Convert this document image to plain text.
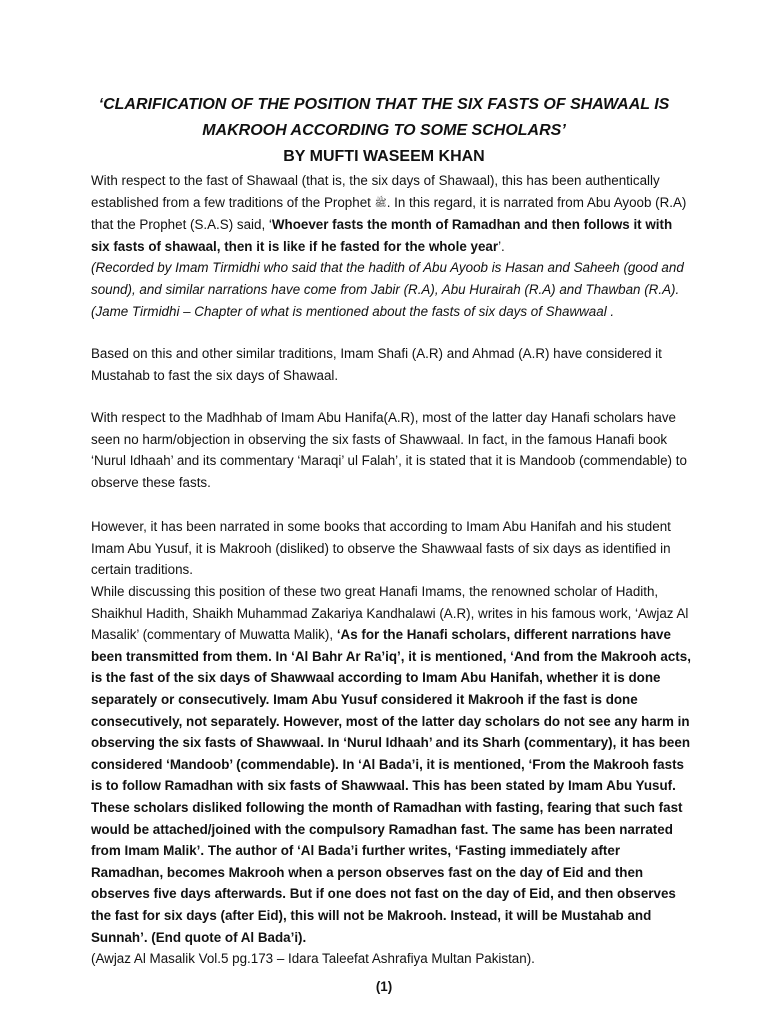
‘CLARIFICATION OF THE POSITION THAT THE SIX FASTS OF SHAWAAL IS
MAKROOH ACCORDING TO SOME SCHOLARS’
BY MUFTI WASEEM KHAN

With respect to the fast of Shawaal (that is, the six days of Shawaal), this has been authentically established from a few traditions of the Prophet ﷺ. In this regard, it is narrated from Abu Ayoob (R.A) that the Prophet (S.A.S) said, ‘Whoever fasts the month of Ramadhan and then follows it with six fasts of shawaal, then it is like if he fasted for the whole year’.

(Recorded by Imam Tirmidhi who said that the hadith of Abu Ayoob is Hasan and Saheeh (good and sound), and similar narrations have come from Jabir (R.A), Abu Hurairah (R.A) and Thawban (R.A). (Jame Tirmidhi – Chapter of what is mentioned about the fasts of six days of Shawwaal .

Based on this and other similar traditions, Imam Shafi (A.R) and Ahmad (A.R) have considered it Mustahab to fast the six days of Shawaal.

With respect to the Madhhab of Imam Abu Hanifa(A.R), most of the latter day Hanafi scholars have seen no harm/objection in observing the six fasts of Shawwaal. In fact, in the famous Hanafi book ‘Nurul Idhaah’ and its commentary ‘Maraqi’ ul Falah’, it is stated that it is Mandoob (commendable) to observe these fasts.

However, it has been narrated in some books that according to Imam Abu Hanifah and his student Imam Abu Yusuf, it is Makrooh (disliked) to observe the Shawwaal fasts of six days as identified in certain traditions.

While discussing this position of these two great Hanafi Imams, the renowned scholar of Hadith, Shaikhul Hadith, Shaikh Muhammad Zakariya Kandhalawi (A.R), writes in his famous work, ‘Awjaz Al Masalik’ (commentary of Muwatta Malik), ‘As for the Hanafi scholars, different narrations have been transmitted from them. In ‘Al Bahr Ar Ra’iq’, it is mentioned, ‘And from the Makrooh acts, is the fast of the six days of Shawwaal according to Imam Abu Hanifah, whether it is done separately or consecutively. Imam Abu Yusuf considered it Makrooh if the fast is done consecutively, not separately. However, most of the latter day scholars do not see any harm in observing the six fasts of Shawwaal. In ‘Nurul Idhaah’ and its Sharh (commentary), it has been considered ‘Mandoob’ (commendable). In ‘Al Bada’i, it is mentioned, ‘From the Makrooh fasts is to follow Ramadhan with six fasts of Shawwaal. This has been stated by Imam Abu Yusuf. These scholars disliked following the month of Ramadhan with fasting, fearing that such fast would be attached/joined with the compulsory Ramadhan fast. The same has been narrated from Imam Malik’. The author of ‘Al Bada’i further writes, ‘Fasting immediately after Ramadhan, becomes Makrooh when a person observes fast on the day of Eid and then observes five days afterwards. But if one does not fast on the day of Eid, and then observes the fast for six days (after Eid), this will not be Makrooh. Instead, it will be Mustahab and Sunnah’. (End quote of Al Bada’i).

(Awjaz Al Masalik Vol.5 pg.173 – Idara Taleefat Ashrafiya Multan Pakistan).

(1)
